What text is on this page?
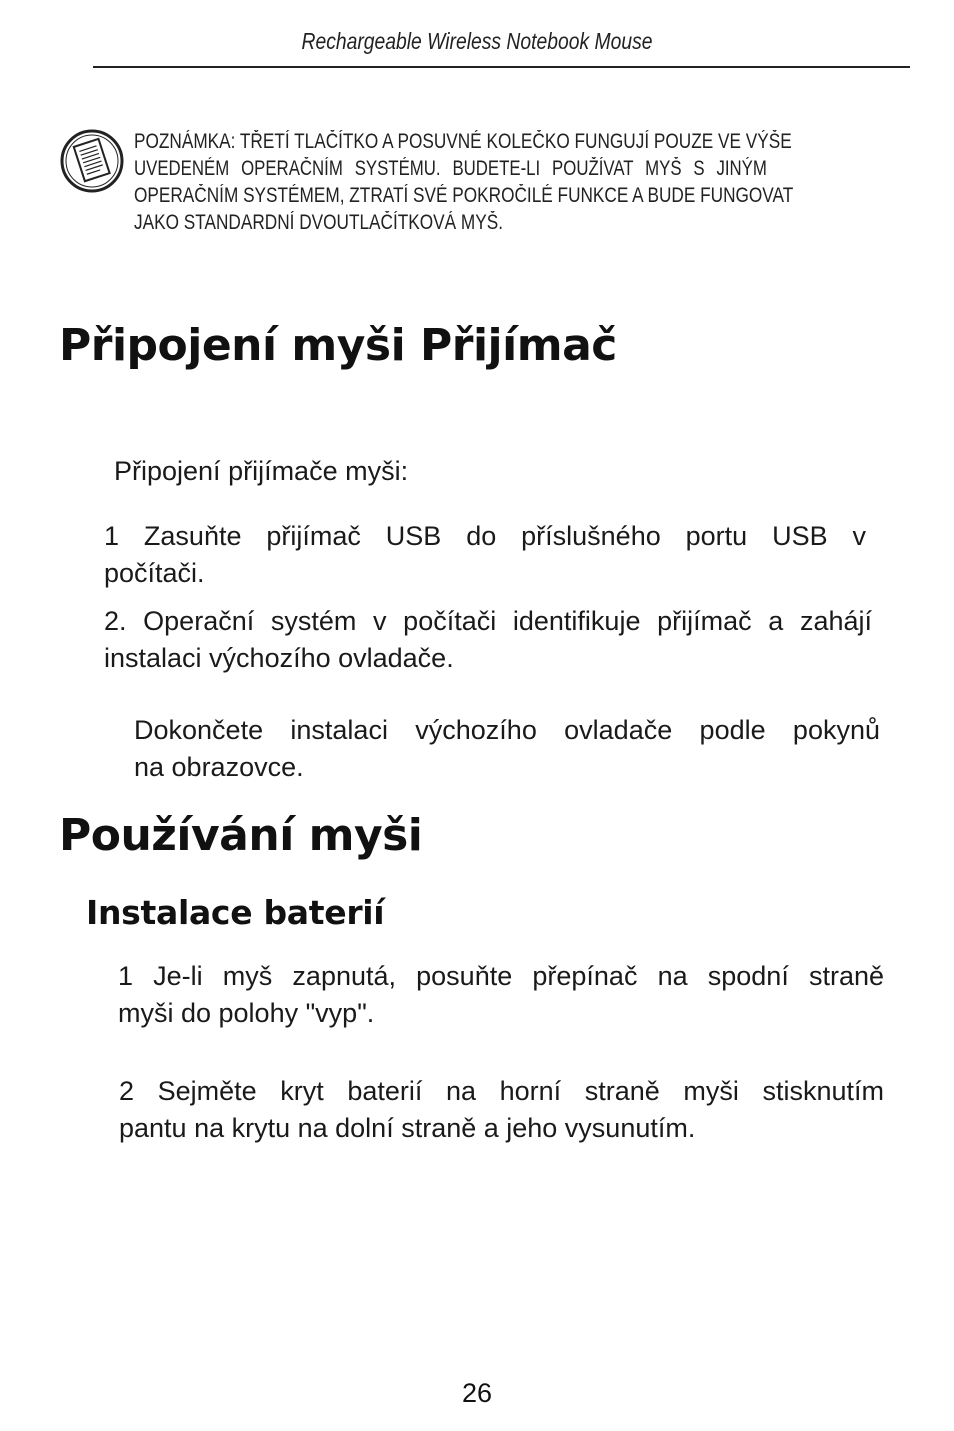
Rechargeable Wireless Notebook Mouse
POZNÁMKA: TŘETÍ TLAČÍTKO A POSUVNÉ KOLEČKO FUNGUJÍ POUZE VE VÝŠE
UVEDENÉM OPERAČNÍM SYSTÉMU. BUDETE-LI POUŽÍVAT MYŠ S JINÝM
OPERAČNÍM SYSTÉMEM, ZTRATÍ SVÉ POKROČILÉ FUNKCE A BUDE FUNGOVAT
JAKO STANDARDNÍ DVOUTLAČÍTKOVÁ MYŠ.
Připojení myši Přijímač

Připojení přijímače myši:

1 Zasuňte přijímač USB do příslušného portu USB v
počítači.

2. Operační systém v počítači identifikuje přijímač a zahájí
instalaci výchozího ovladače.

Dokončete instalaci výchozího ovladače podle pokynů
na obrazovce.

Používání myši
Instalace baterií

1 Je-li myš zapnutá, posuňte přepínač na spodní straně
myši do polohy "vyp".

2 Sejměte kryt baterií na horní straně myši stisknutím
pantu na krytu na dolní straně a jeho vysunutím.

26
